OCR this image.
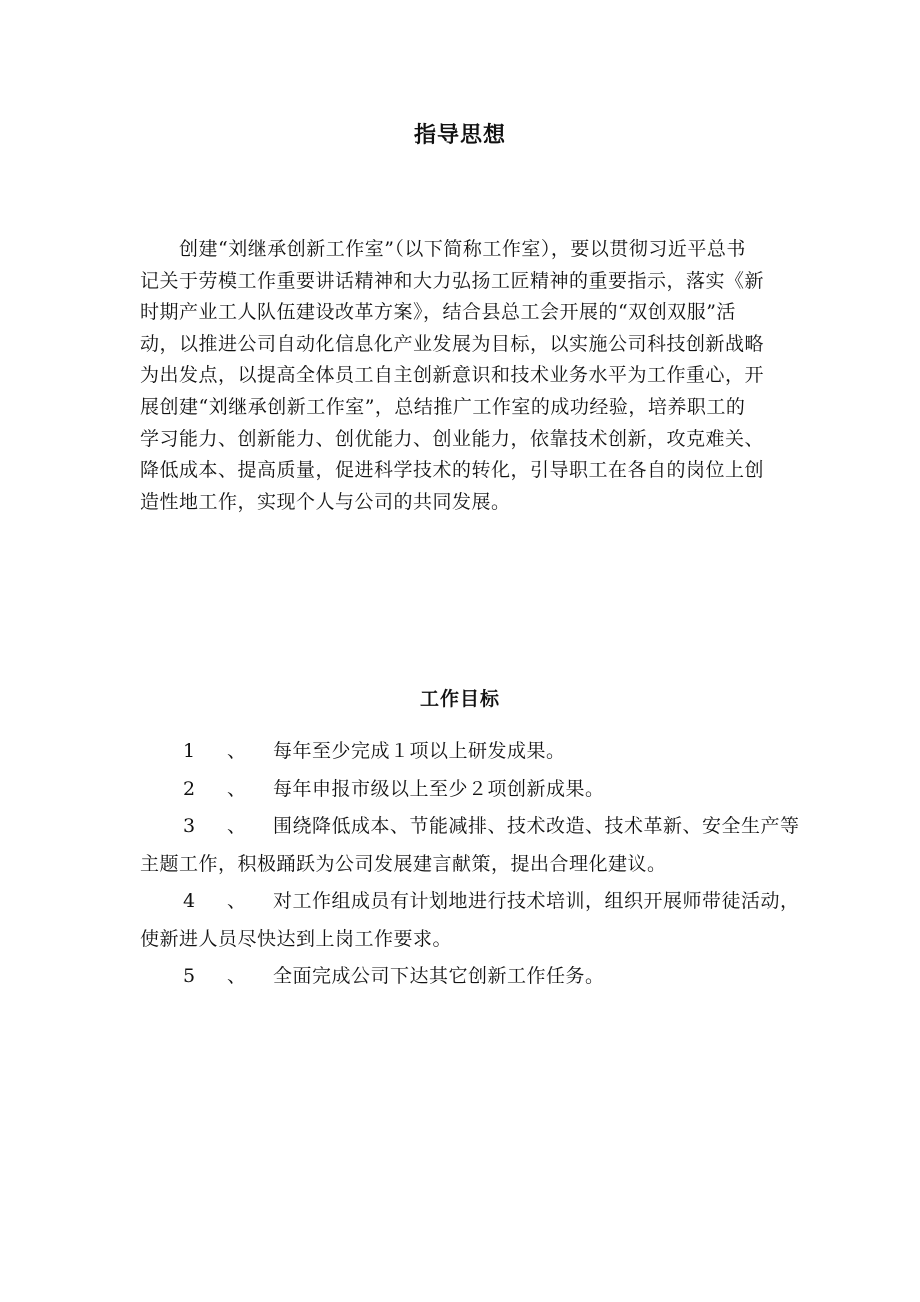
指导思想
　　创建“刘继承创新工作室”（以下简称工作室），要以贯彻习近平总书
记关于劳模工作重要讲话精神和大力弘扬工匠精神的重要指示，落实《新
时期产业工人队伍建设改革方案》，结合县总工会开展的“双创双服”活
动，以推进公司自动化信息化产业发展为目标，以实施公司科技创新战略
为出发点，以提高全体员工自主创新意识和技术业务水平为工作重心，开
展创建“刘继承创新工作室”，总结推广工作室的成功经验，培养职工的
学习能力、创新能力、创优能力、创业能力，依靠技术创新，攻克难关、
降低成本、提高质量，促进科学技术的转化，引导职工在各自的岗位上创
造性地工作，实现个人与公司的共同发展。
工作目标
1 、 每年至少完成１项以上研发成果。
2 、 每年申报市级以上至少２项创新成果。
3 、 围绕降低成本、节能减排、技术改造、技术革新、安全生产等
主题工作，积极踊跃为公司发展建言献策，提出合理化建议。
4 、 对工作组成员有计划地进行技术培训，组织开展师带徒活动，
使新进人员尽快达到上岗工作要求。
5 、 全面完成公司下达其它创新工作任务。
